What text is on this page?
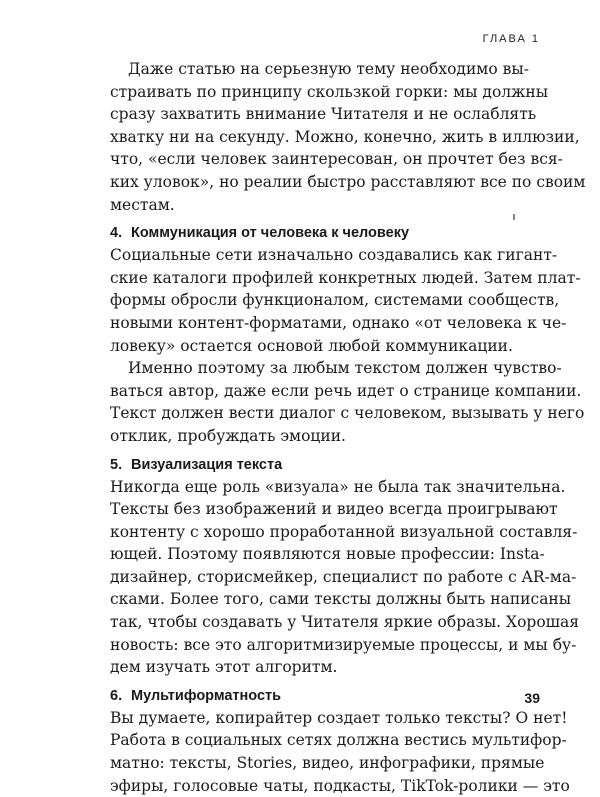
ГЛАВА 1
Даже статью на серьезную тему необходимо вы-
страивать по принципу скользкой горки: мы должны
сразу захватить внимание Читателя и не ослаблять
хватку ни на секунду. Можно, конечно, жить в иллюзии,
что, «если человек заинтересован, он прочтет без вся-
ких уловок», но реалии быстро расставляют все по своим
местам.
4. Коммуникация от человека к человеку
Социальные сети изначально создавались как гигант-
ские каталоги профилей конкретных людей. Затем плат-
формы обросли функционалом, системами сообществ,
новыми контент-форматами, однако «от человека к че-
ловеку» остается основой любой коммуникации.
Именно поэтому за любым текстом должен чувство-
ваться автор, даже если речь идет о странице компании.
Текст должен вести диалог с человеком, вызывать у него
отклик, пробуждать эмоции.
5. Визуализация текста
Никогда еще роль «визуала» не была так значительна.
Тексты без изображений и видео всегда проигрывают
контенту с хорошо проработанной визуальной составля-
ющей. Поэтому появляются новые профессии: Insta-
дизайнер, сторисмейкер, специалист по работе с AR-ма-
сками. Более того, сами тексты должны быть написаны
так, чтобы создавать у Читателя яркие образы. Хорошая
новость: все это алгоритмизируемые процессы, и мы бу-
дем изучать этот алгоритм.
6. Мультиформатность
Вы думаете, копирайтер создает только тексты? О нет!
Работа в социальных сетях должна вестись мультифор-
матно: тексты, Stories, видео, инфографики, прямые
эфиры, голосовые чаты, подкасты, TikTok-ролики — это
39
